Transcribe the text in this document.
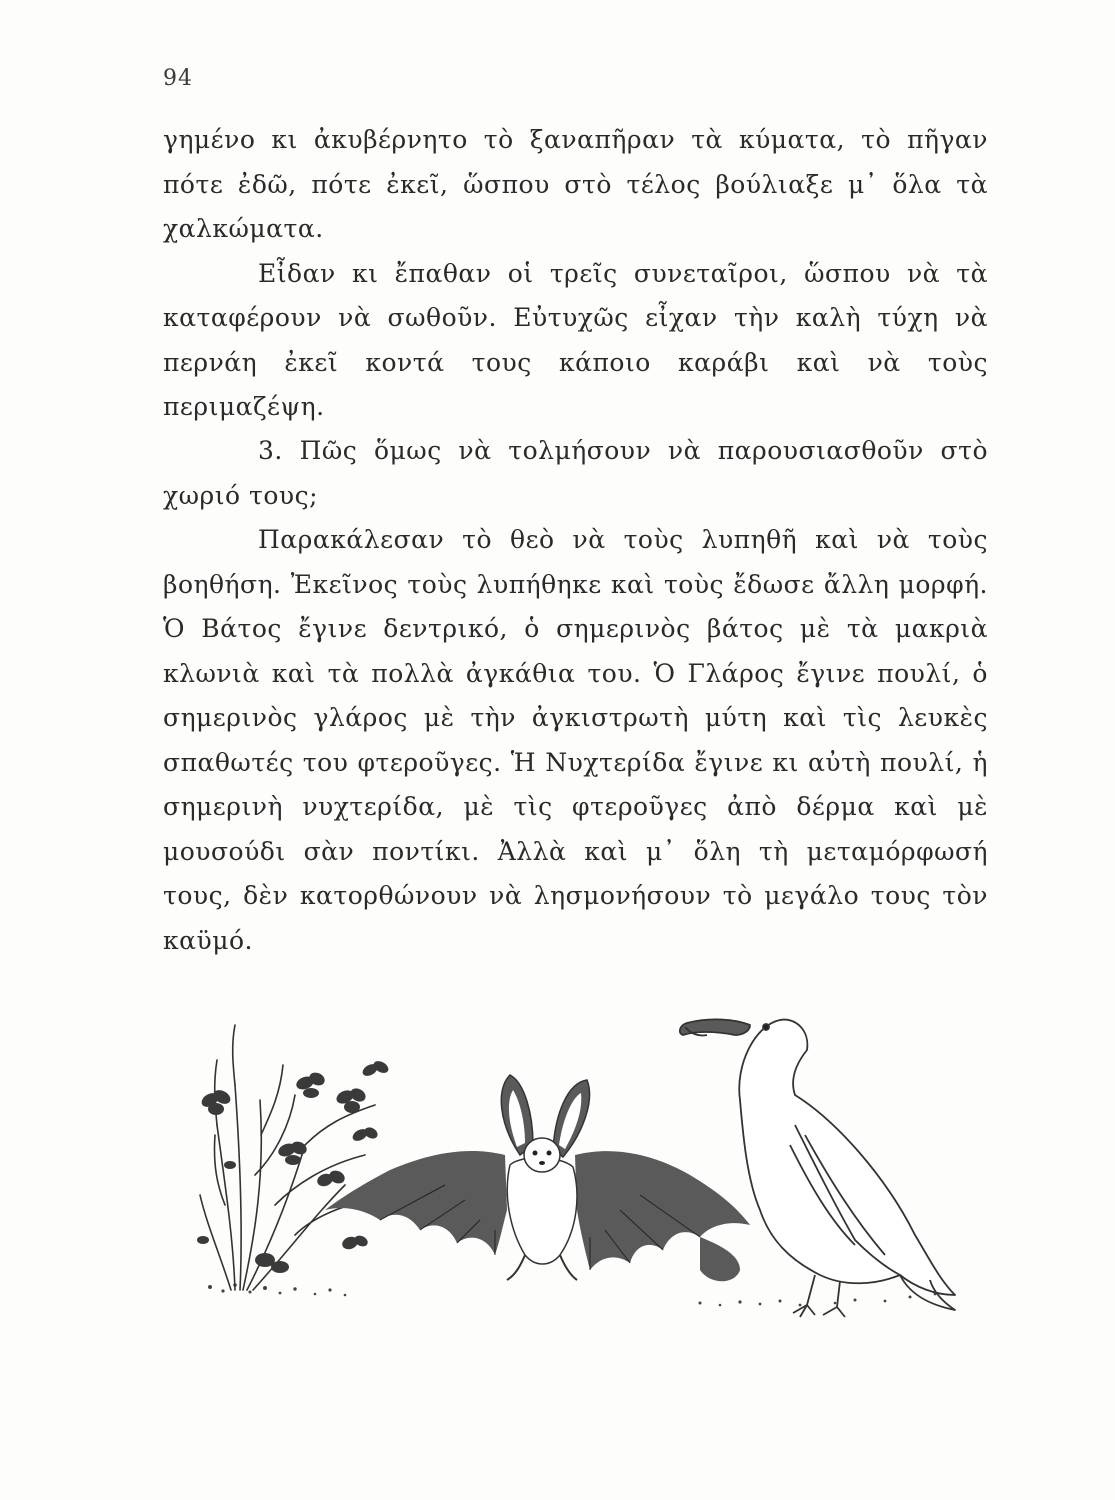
94

γημένο κι ἀκυβέρνητο τὸ ξαναπῆραν τὰ κύματα, τὸ πῆγαν πότε ἐδῶ, πότε ἐκεῖ, ὥσπου στὸ τέλος βούλιαξε μ᾽ ὅλα τὰ χαλκώματα.

Εἶδαν κι ἔπαθαν οἱ τρεῖς συνεταῖροι, ὥσπου νὰ τὰ καταφέρουν νὰ σωθοῦν. Εὐτυχῶς εἶχαν τὴν καλὴ τύχη νὰ περνάη ἐκεῖ κοντά τους κάποιο καράβι καὶ νὰ τοὺς περιμαζέψη.

3. Πῶς ὅμως νὰ τολμήσουν νὰ παρουσιασθοῦν στὸ χωριό τους;

Παρακάλεσαν τὸ θεὸ νὰ τοὺς λυπηθῆ καὶ νὰ τοὺς βοηθήση. Ἐκεῖνος τοὺς λυπήθηκε καὶ τοὺς ἔδωσε ἄλλη μορφή. Ὁ Βάτος ἔγινε δεντρικό, ὁ σημερινὸς βάτος μὲ τὰ μακριὰ κλωνιὰ καὶ τὰ πολλὰ ἀγκάθια του. Ὁ Γλάρος ἔγινε πουλί, ὁ σημερινὸς γλάρος μὲ τὴν ἀγκιστρωτὴ μύτη καὶ τὶς λευκὲς σπαθωτές του φτεροῦγες. Ἡ Νυχτερίδα ἔγινε κι αὐτὴ πουλί, ἡ σημερινὴ νυχτερίδα, μὲ τὶς φτεροῦγες ἀπὸ δέρμα καὶ μὲ μουσούδι σὰν ποντίκι. Ἀλλὰ καὶ μ᾽ ὅλη τὴ μεταμόρφωσή τους, δὲν κατορθώνουν νὰ λησμονήσουν τὸ μεγάλο τους τὸν καϋμό.
